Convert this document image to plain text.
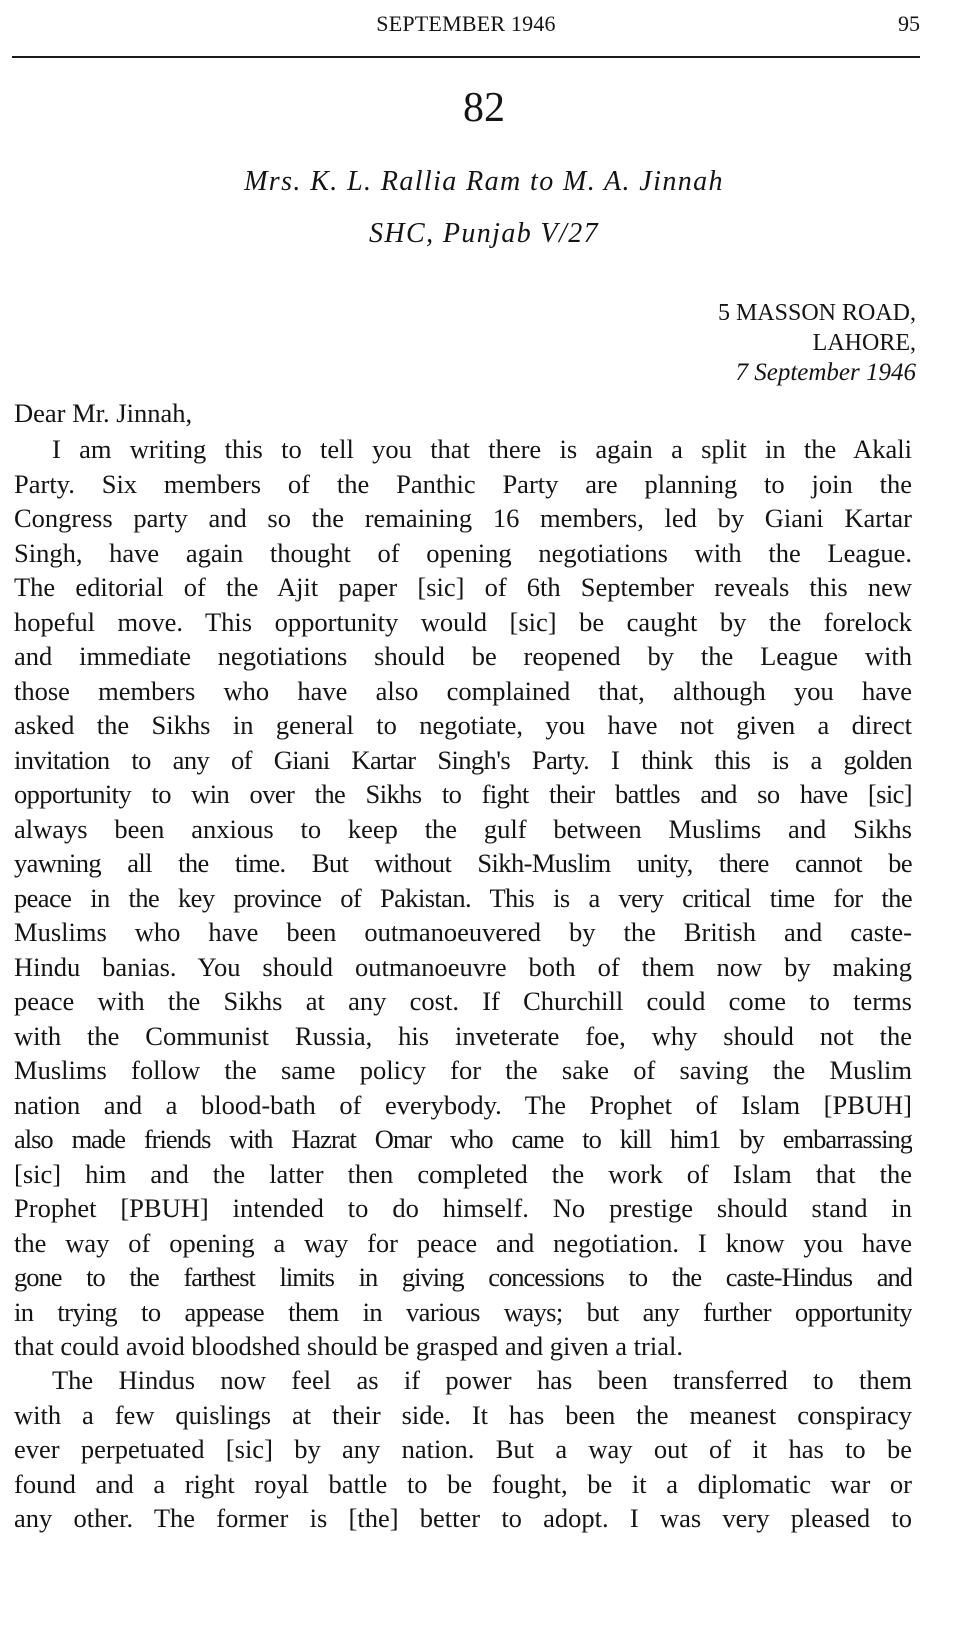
SEPTEMBER 1946	95
82
Mrs. K. L. Rallia Ram to M. A. Jinnah
SHC, Punjab V/27
5 MASSON ROAD,
LAHORE,
7 September 1946
Dear Mr. Jinnah,
I am writing this to tell you that there is again a split in the Akali
Party. Six members of the Panthic Party are planning to join the
Congress party and so the remaining 16 members, led by Giani Kartar
Singh, have again thought of opening negotiations with the League.
The editorial of the Ajit paper [sic] of 6th September reveals this new
hopeful move. This opportunity would [sic] be caught by the forelock
and immediate negotiations should be reopened by the League with
those members who have also complained that, although you have
asked the Sikhs in general to negotiate, you have not given a direct
invitation to any of Giani Kartar Singh's Party. I think this is a golden
opportunity to win over the Sikhs to fight their battles and so have [sic]
always been anxious to keep the gulf between Muslims and Sikhs
yawning all the time. But without Sikh-Muslim unity, there cannot be
peace in the key province of Pakistan. This is a very critical time for the
Muslims who have been outmanoeuvered by the British and caste-
Hindu banias. You should outmanoeuvre both of them now by making
peace with the Sikhs at any cost. If Churchill could come to terms
with the Communist Russia, his inveterate foe, why should not the
Muslims follow the same policy for the sake of saving the Muslim
nation and a blood-bath of everybody. The Prophet of Islam [PBUH]
also made friends with Hazrat Omar who came to kill him1 by embarrassing
[sic] him and the latter then completed the work of Islam that the
Prophet [PBUH] intended to do himself. No prestige should stand in
the way of opening a way for peace and negotiation. I know you have
gone to the farthest limits in giving concessions to the caste-Hindus and
in trying to appease them in various ways; but any further opportunity
that could avoid bloodshed should be grasped and given a trial.
The Hindus now feel as if power has been transferred to them
with a few quislings at their side. It has been the meanest conspiracy
ever perpetuated [sic] by any nation. But a way out of it has to be
found and a right royal battle to be fought, be it a diplomatic war or
any other. The former is [the] better to adopt. I was very pleased to
